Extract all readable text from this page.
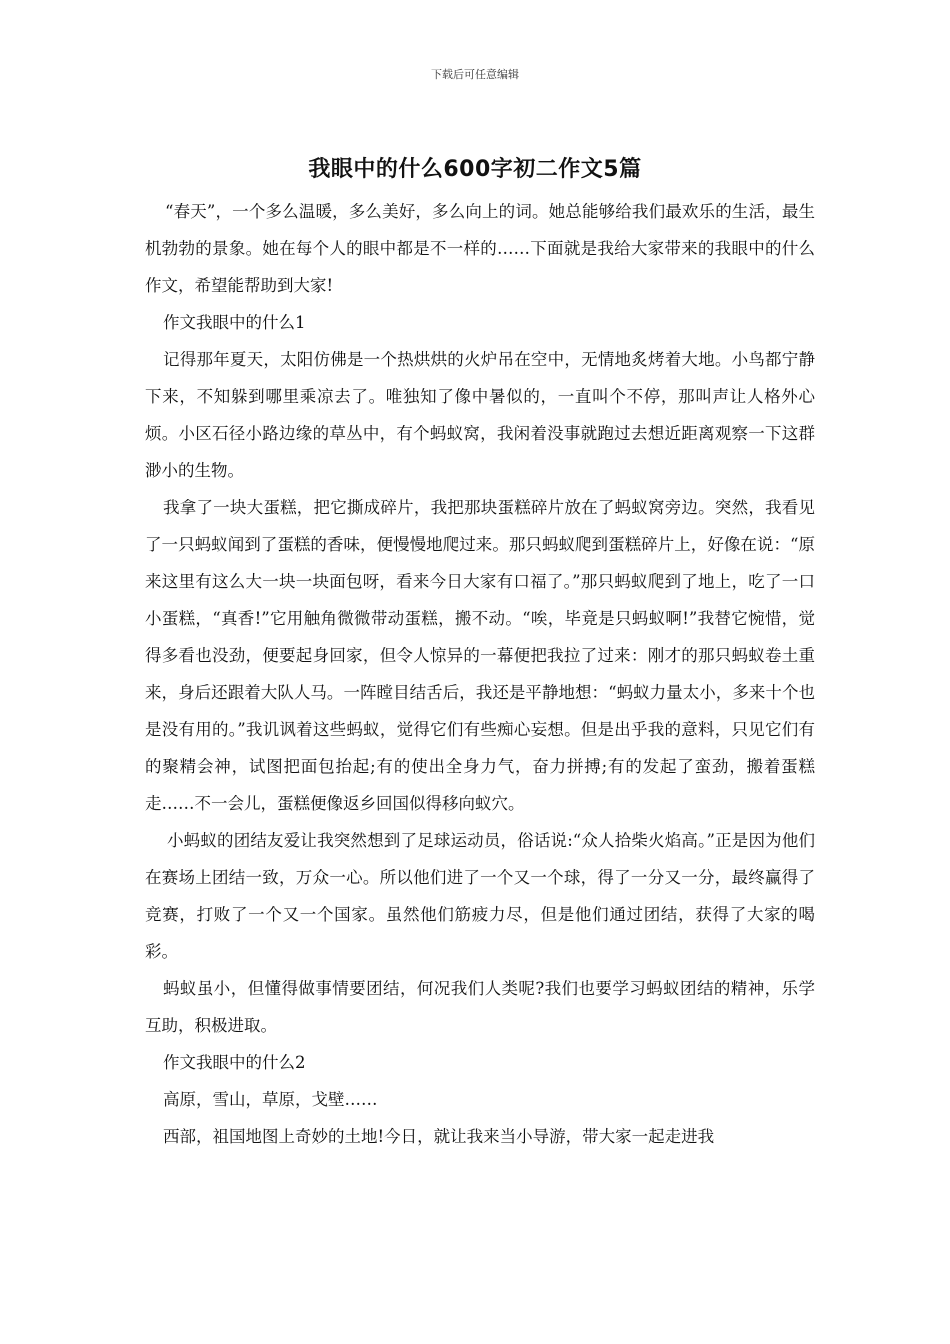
下载后可任意编辑
我眼中的什么600字初二作文5篇

“春天”，一个多么温暖，多么美好，多么向上的词。她总能够给我们最欢乐的生活，最生机勃勃的景象。她在每个人的眼中都是不一样的……下面就是我给大家带来的我眼中的什么作文，希望能帮助到大家!

作文我眼中的什么1

记得那年夏天，太阳仿佛是一个热烘烘的火炉吊在空中，无情地炙烤着大地。小鸟都宁静下来，不知躲到哪里乘凉去了。唯独知了像中暑似的，一直叫个不停，那叫声让人格外心烦。小区石径小路边缘的草丛中，有个蚂蚁窝，我闲着没事就跑过去想近距离观察一下这群渺小的生物。

我拿了一块大蛋糕，把它撕成碎片，我把那块蛋糕碎片放在了蚂蚁窝旁边。突然，我看见了一只蚂蚁闻到了蛋糕的香味，便慢慢地爬过来。那只蚂蚁爬到蛋糕碎片上，好像在说：“原来这里有这么大一块一块面包呀，看来今日大家有口福了。”那只蚂蚁爬到了地上，吃了一口小蛋糕，“真香!”它用触角微微带动蛋糕，搬不动。“唉，毕竟是只蚂蚁啊!”我替它惋惜，觉得多看也没劲，便要起身回家，但令人惊异的一幕便把我拉了过来：刚才的那只蚂蚁卷土重来，身后还跟着大队人马。一阵瞠目结舌后，我还是平静地想：“蚂蚁力量太小，多来十个也是没有用的。”我讥讽着这些蚂蚁，觉得它们有些痴心妄想。但是出乎我的意料，只见它们有的聚精会神，试图把面包抬起;有的使出全身力气，奋力拼搏;有的发起了蛮劲，搬着蛋糕走……不一会儿，蛋糕便像返乡回国似得移向蚁穴。

小蚂蚁的团结友爱让我突然想到了足球运动员，俗话说:“众人拾柴火焰高。”正是因为他们在赛场上团结一致，万众一心。所以他们进了一个又一个球，得了一分又一分，最终赢得了竞赛，打败了一个又一个国家。虽然他们筋疲力尽，但是他们通过团结，获得了大家的喝彩。

蚂蚁虽小，但懂得做事情要团结，何况我们人类呢?我们也要学习蚂蚁团结的精神，乐学互助，积极进取。

作文我眼中的什么2

高原，雪山，草原，戈壁……

西部，祖国地图上奇妙的土地!今日，就让我来当小导游，带大家一起走进我
